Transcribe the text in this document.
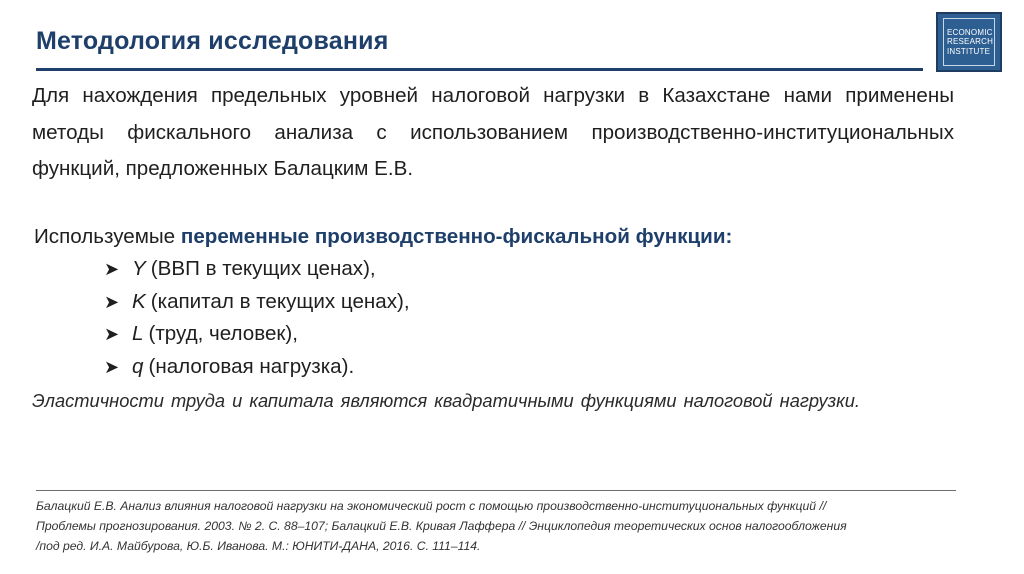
Методология исследования	ECONOMIC
RESEARCH
INSTITUTE
Для нахождения предельных уровней налоговой нагрузки в Казахстане нами применены методы фискального анализа с использованием производственно-институциональных функций, предложенных Балацким Е.В.
Используемые переменные производственно-фискальной функции:
➤ Y (ВВП в текущих ценах),
➤ K (капитал в текущих ценах),
➤ L (труд, человек),
➤ q (налоговая нагрузка).
Эластичности труда и капитала являются квадратичными функциями налоговой нагрузки.
Балацкий Е.В. Анализ влияния налоговой нагрузки на экономический рост с помощью производственно-институциональных функций //
Проблемы прогнозирования. 2003. № 2. С. 88–107; Балацкий Е.В. Кривая Лаффера // Энциклопедия теоретических основ налогообложения
/под ред. И.А. Майбурова, Ю.Б. Иванова. М.: ЮНИТИ-ДАНА, 2016. С. 111–114.
